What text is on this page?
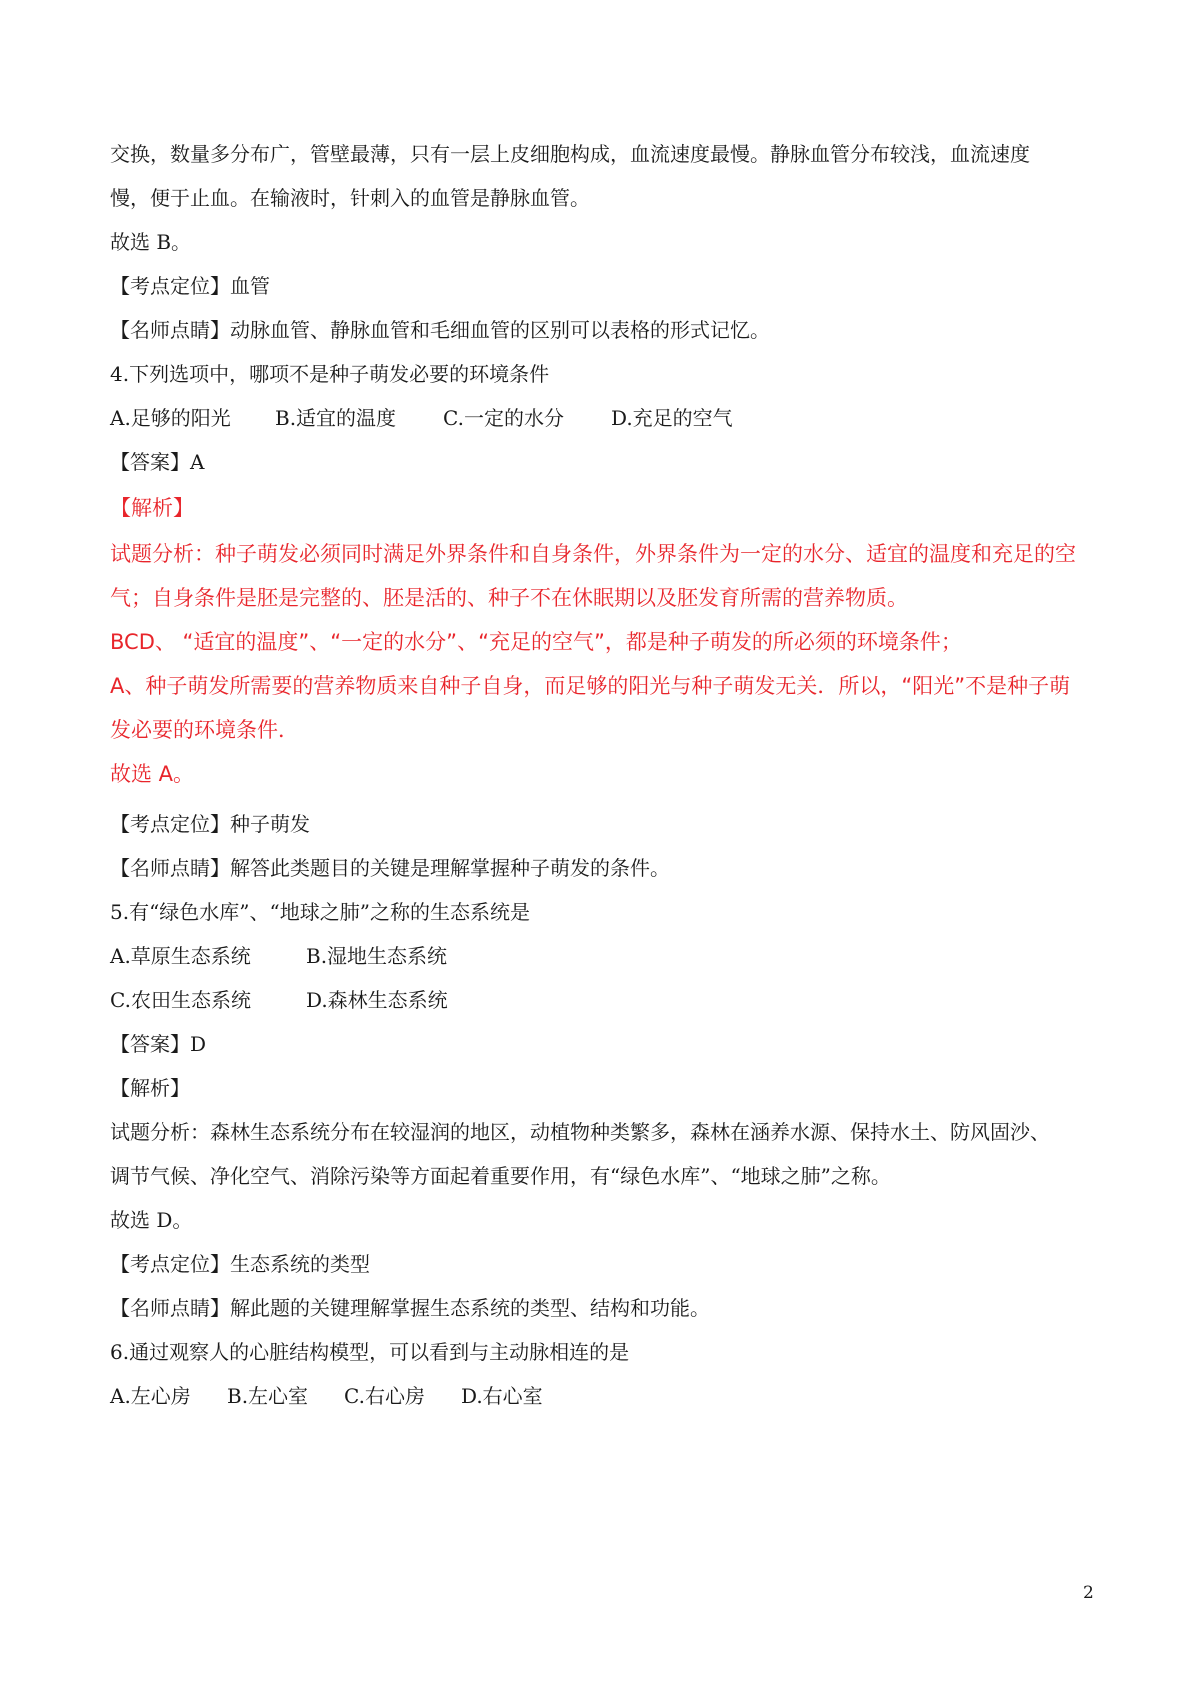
交换，数量多分布广，管壁最薄，只有一层上皮细胞构成，血流速度最慢。静脉血管分布较浅，血流速度
慢，便于止血。在输液时，针刺入的血管是静脉血管。
故选 B。
【考点定位】血管
【名师点睛】动脉血管、静脉血管和毛细血管的区别可以表格的形式记忆。
4.下列选项中，哪项不是种子萌发必要的环境条件
A.足够的阳光 B.适宜的温度 C.一定的水分 D.充足的空气
【答案】A
【解析】
试题分析：种子萌发必须同时满足外界条件和自身条件，外界条件为一定的水分、适宜的温度和充足的空
气；自身条件是胚是完整的、胚是活的、种子不在休眠期以及胚发育所需的营养物质。
BCD、 “适宜的温度”、“一定的水分”、“充足的空气”，都是种子萌发的所必须的环境条件；
A、种子萌发所需要的营养物质来自种子自身，而足够的阳光与种子萌发无关．所以，“阳光”不是种子萌
发必要的环境条件．
故选 A。
【考点定位】种子萌发
【名师点睛】解答此类题目的关键是理解掌握种子萌发的条件。
5.有“绿色水库”、“地球之肺”之称的生态系统是
A.草原生态系统	B.湿地生态系统
C.农田生态系统	D.森林生态系统
【答案】D
【解析】
试题分析：森林生态系统分布在较湿润的地区，动植物种类繁多，森林在涵养水源、保持水土、防风固沙、
调节气候、净化空气、消除污染等方面起着重要作用，有“绿色水库”、“地球之肺”之称。
故选 D。
【考点定位】生态系统的类型
【名师点睛】解此题的关键理解掌握生态系统的类型、结构和功能。
6.通过观察人的心脏结构模型，可以看到与主动脉相连的是
A.左心房 B.左心室 C.右心房 D.右心室
2
